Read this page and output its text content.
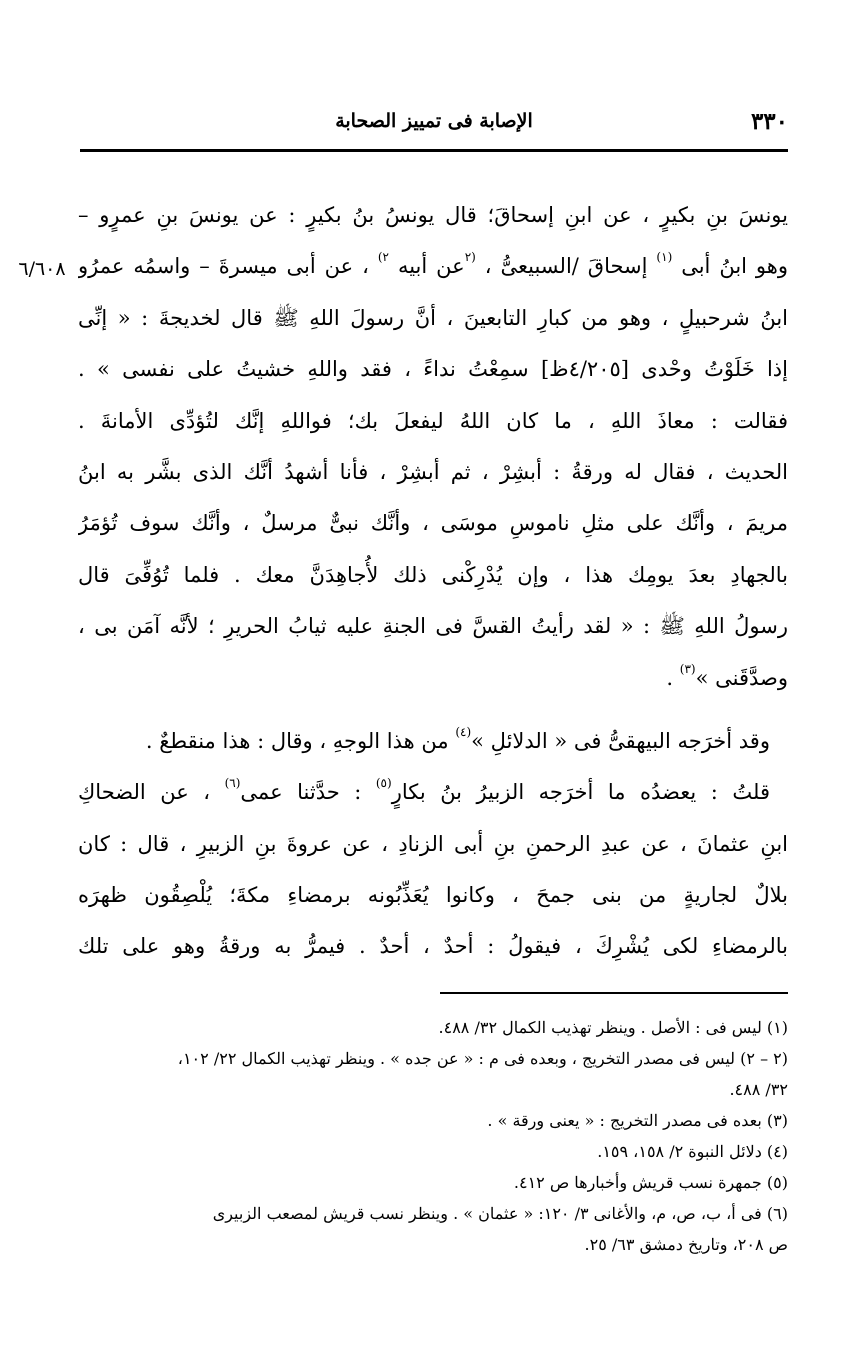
٣٣٠
الإصابة فى تمييز الصحابة
٦/٦٠٨
يونسَ بنِ بكيرٍ ، عن ابنِ إسحاقَ؛ قال يونسُ بنُ بكيرٍ : عن يونسَ بنِ عمرٍو –
وهو ابنُ أبى $^{(١)}$ إسحاقَ /السبيعىُّ ، $^{(٢}$عن أبيه $^{٢)}$ ، عن أبى ميسرةَ – واسمُه عمرُو
ابنُ شرحبيلٍ ، وهو من كبارِ التابعينَ ، أنَّ رسولَ اللهِ ﷺ قال لخديجةَ : « إنِّى
إذا خَلَوْتُ وحْدى [٤/٢٠٥ظ] سمِعْتُ نداءً ، فقد واللهِ خشيتُ على نفسى » .
فقالت : معاذَ اللهِ ، ما كان اللهُ ليفعلَ بك؛ فواللهِ إنَّك لتُؤدِّى الأمانةَ .
الحديث ، فقال له ورقةُ : أبشِرْ ، ثم أبشِرْ ، فأنا أشهدُ أنَّك الذى بشَّر به ابنُ
مريمَ ، وأنَّك على مثلِ ناموسِ موسَى ، وأنَّك نبىٌّ مرسلٌ ، وأنَّك سوف تُؤمَرُ
بالجهادِ بعدَ يومِك هذا ، وإن يُدْرِكْنى ذلك لأُجاهِدَنَّ معك . فلما تُوُفِّىَ قال
رسولُ اللهِ ﷺ : « لقد رأيتُ القسَّ فى الجنةِ عليه ثيابُ الحريرِ ؛ لأنَّه آمَن بى ،
وصدَّقَنى »$^{(٣)}$ .
وقد أخرَجه البيهقىُّ فى « الدلائلِ »$^{(٤)}$ من هذا الوجهِ ، وقال : هذا منقطعٌ .
قلتُ : يعضدُه ما أخرَجه الزبيرُ بنُ بكارٍ$^{(٥)}$ : حدَّثنا عمى$^{(٦)}$ ، عن الضحاكِ
ابنِ عثمانَ ، عن عبدِ الرحمنِ بنِ أبى الزنادِ ، عن عروةَ بنِ الزبيرِ ، قال : كان
بلالٌ لجاريةٍ من بنى جمحَ ، وكانوا يُعَذِّبُونه برمضاءِ مكةَ؛ يُلْصِقُون ظهرَه
بالرمضاءِ لكى يُشْرِكَ ، فيقولُ : أحدٌ ، أحدٌ . فيمرُّ به ورقةُ وهو على تلك
(١) ليس فى : الأصل . وينظر تهذيب الكمال ٣٢/ ٤٨٨.
(٢ – ٢) ليس فى مصدر التخريج ، وبعده فى م : « عن جده » . وينظر تهذيب الكمال ٢٢/ ١٠٢،
٣٢/ ٤٨٨.
(٣) بعده فى مصدر التخريج : « يعنى ورقة » .
(٤) دلائل النبوة ٢/ ١٥٨، ١٥٩.
(٥) جمهرة نسب قريش وأخبارها ص ٤١٢.
(٦) فى أ، ب، ص، م، والأغانى ٣/ ١٢٠: « عثمان » . وينظر نسب قريش لمصعب الزبيرى
ص ٢٠٨، وتاريخ دمشق ٦٣/ ٢٥.
